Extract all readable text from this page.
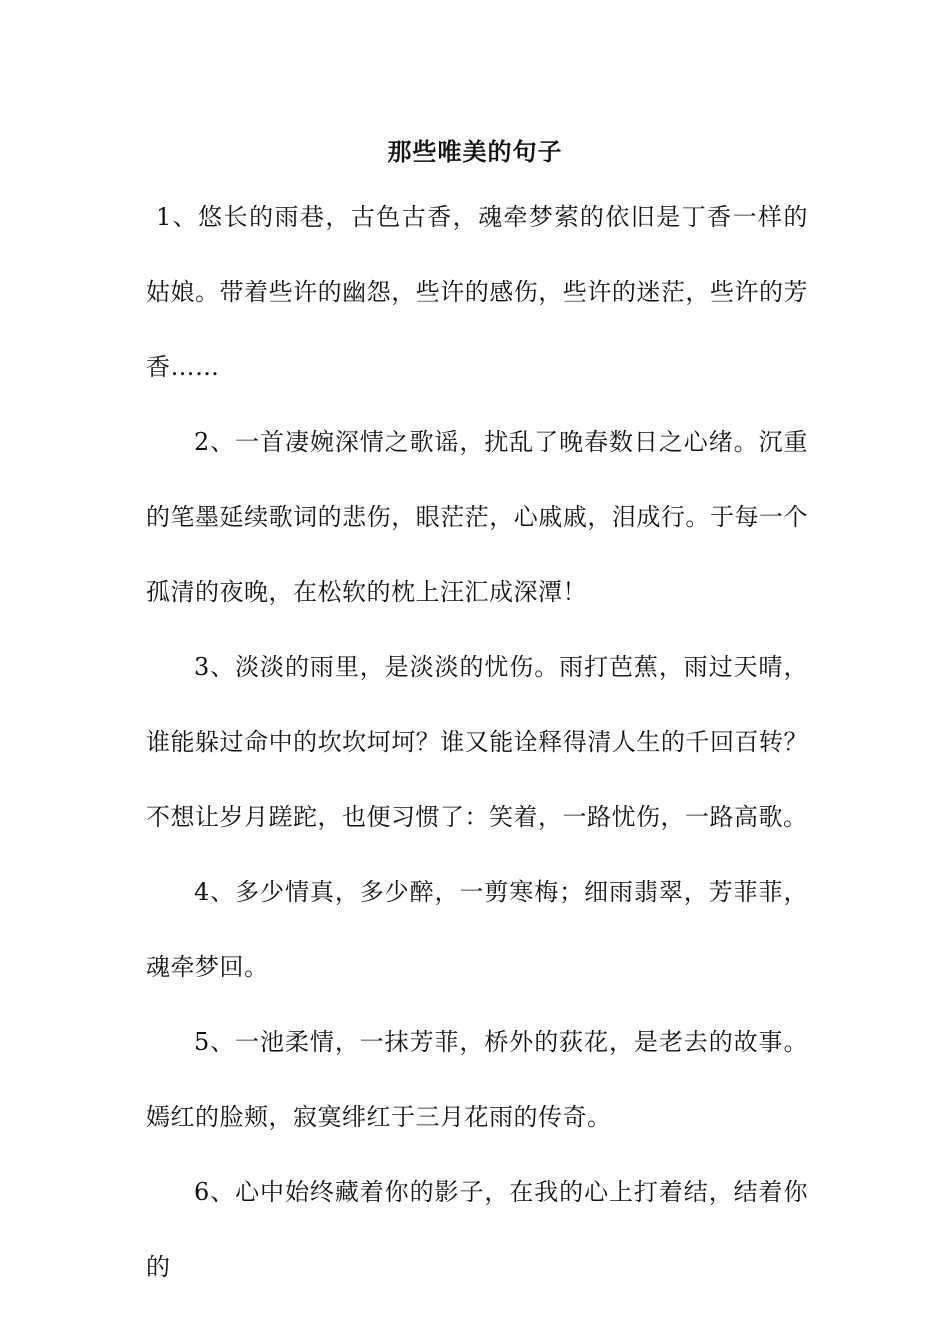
那些唯美的句子

1、悠长的雨巷，古色古香，魂牵梦萦的依旧是丁香一样的姑娘。带着些许的幽怨，些许的感伤，些许的迷茫，些许的芳香……

2、一首凄婉深情之歌谣，扰乱了晚春数日之心绪。沉重的笔墨延续歌词的悲伤，眼茫茫，心戚戚，泪成行。于每一个孤清的夜晚，在松软的枕上汪汇成深潭！

3、淡淡的雨里，是淡淡的忧伤。雨打芭蕉，雨过天晴，谁能躲过命中的坎坎坷坷？谁又能诠释得清人生的千回百转？不想让岁月蹉跎，也便习惯了：笑着，一路忧伤，一路高歌。

4、多少情真，多少醉，一剪寒梅；细雨翡翠，芳菲菲，魂牵梦回。

5、一池柔情，一抹芳菲，桥外的荻花，是老去的故事。嫣红的脸颊，寂寞绯红于三月花雨的传奇。

6、心中始终藏着你的影子，在我的心上打着结，结着你的
